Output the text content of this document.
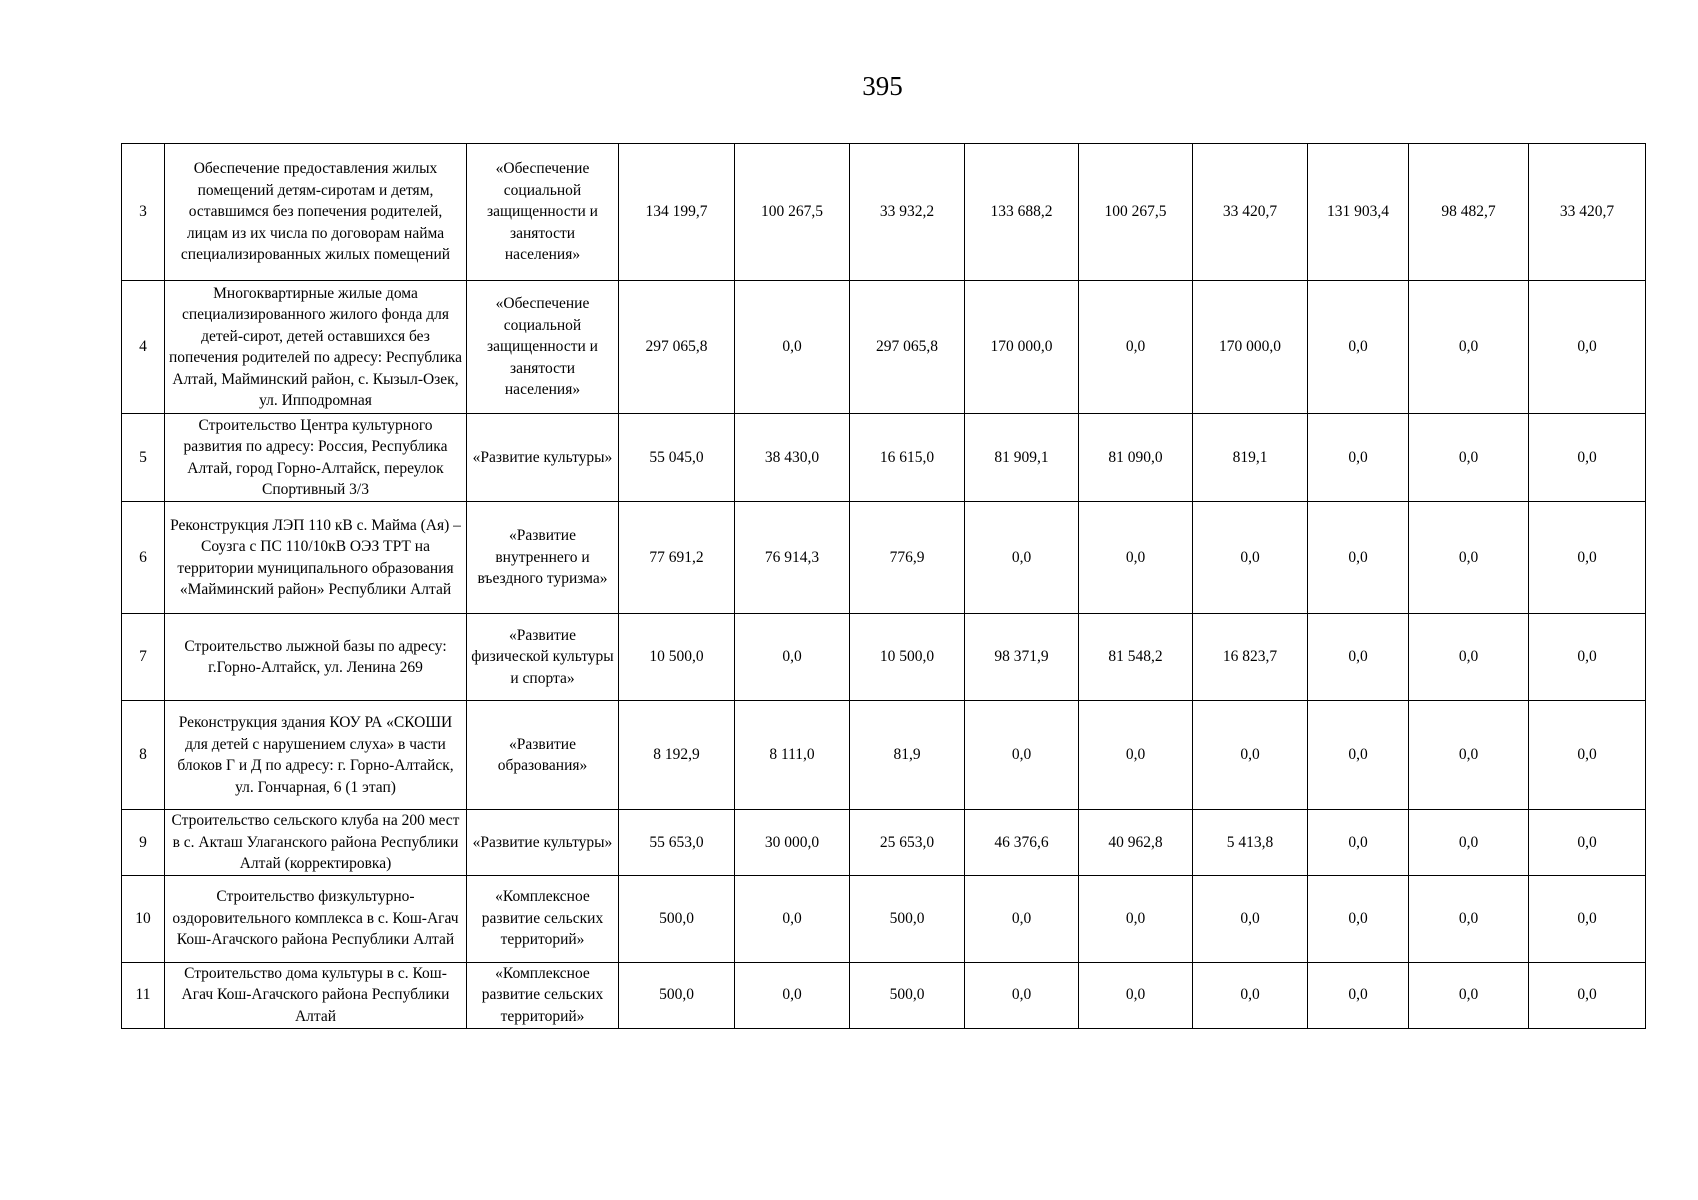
395
3	Обеспечение предоставления жилых помещений детям-сиротам и детям, оставшимся без попечения родителей, лицам из их числа по договорам найма специализированных жилых помещений	«Обеспечение социальной защищенности и занятости населения»	134 199,7	100 267,5	33 932,2	133 688,2	100 267,5	33 420,7	131 903,4	98 482,7	33 420,7
4	Многоквартирные жилые дома специализированного жилого фонда для детей-сирот, детей оставшихся без попечения родителей по адресу: Республика Алтай, Майминский район, с. Кызыл-Озек, ул. Ипподромная	«Обеспечение социальной защищенности и занятости населения»	297 065,8	0,0	297 065,8	170 000,0	0,0	170 000,0	0,0	0,0	0,0
5	Строительство Центра культурного развития по адресу: Россия, Республика Алтай, город Горно-Алтайск, переулок Спортивный 3/3	«Развитие культуры»	55 045,0	38 430,0	16 615,0	81 909,1	81 090,0	819,1	0,0	0,0	0,0
6	Реконструкция ЛЭП 110 кВ с. Майма (Ая) – Соузга с ПС 110/10кВ ОЭЗ ТРТ на территории муниципального образования «Майминский район» Республики Алтай	«Развитие внутреннего и въездного туризма»	77 691,2	76 914,3	776,9	0,0	0,0	0,0	0,0	0,0	0,0
7	Строительство лыжной базы по адресу: г.Горно-Алтайск, ул. Ленина 269	«Развитие физической культуры и спорта»	10 500,0	0,0	10 500,0	98 371,9	81 548,2	16 823,7	0,0	0,0	0,0
8	Реконструкция здания КОУ РА «СКОШИ для детей с нарушением слуха» в части блоков Г и Д по адресу: г. Горно-Алтайск, ул. Гончарная, 6 (1 этап)	«Развитие образования»	8 192,9	8 111,0	81,9	0,0	0,0	0,0	0,0	0,0	0,0
9	Строительство сельского клуба на 200 мест в с. Акташ Улаганского района Республики Алтай (корректировка)	«Развитие культуры»	55 653,0	30 000,0	25 653,0	46 376,6	40 962,8	5 413,8	0,0	0,0	0,0
10	Строительство физкультурно-оздоровительного комплекса в с. Кош-Агач Кош-Агачского района Республики Алтай	«Комплексное развитие сельских территорий»	500,0	0,0	500,0	0,0	0,0	0,0	0,0	0,0	0,0
11	Строительство дома культуры в с. Кош-Агач Кош-Агачского района Республики Алтай	«Комплексное развитие сельских территорий»	500,0	0,0	500,0	0,0	0,0	0,0	0,0	0,0	0,0
